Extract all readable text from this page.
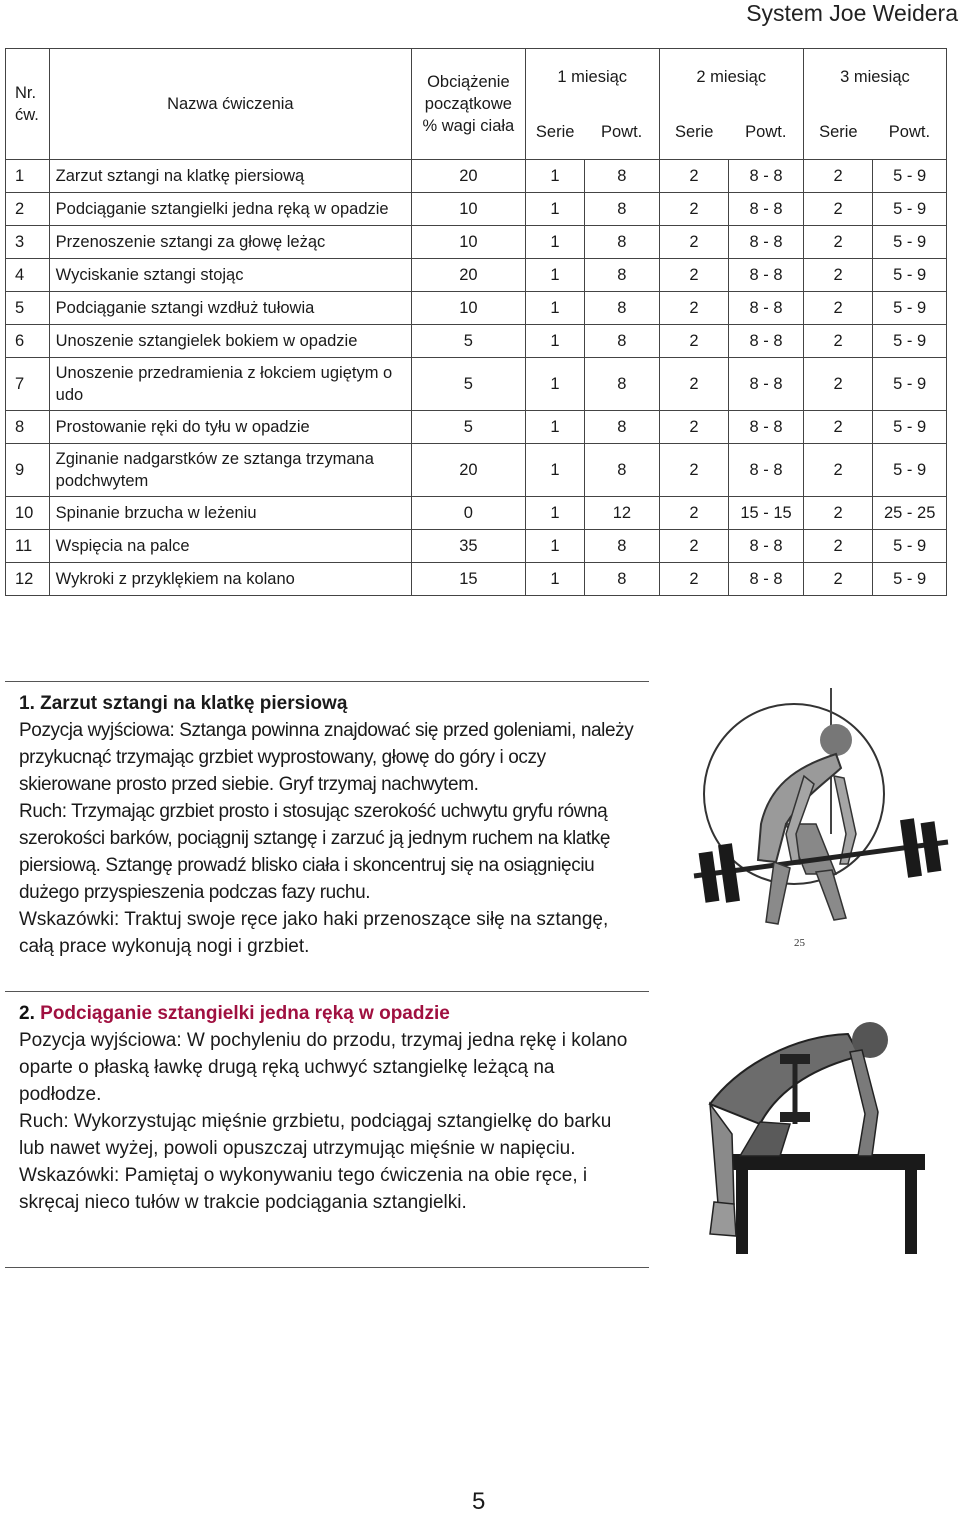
System Joe Weidera
Nr.
ćw.	Nazwa ćwiczenia	Obciążenie
początkowe
% wagi ciała	1 miesiąc		2 miesiąc		3 miesiąc	
			Serie	Powt.	Serie	Powt.	Serie	Powt.
1	Zarzut sztangi na klatkę piersiową	20	1	8	2	8 - 8	2	5 - 9
2	Podciąganie sztangielki jedna ręką w opadzie	10	1	8	2	8 - 8	2	5 - 9
3	Przenoszenie sztangi za głowę leżąc	10	1	8	2	8 - 8	2	5 - 9
4	Wyciskanie sztangi stojąc	20	1	8	2	8 - 8	2	5 - 9
5	Podciąganie sztangi wzdłuż tułowia	10	1	8	2	8 - 8	2	5 - 9
6	Unoszenie sztangielek bokiem w opadzie	5	1	8	2	8 - 8	2	5 - 9
7	Unoszenie przedramienia z łokciem ugiętym o udo	5	1	8	2	8 - 8	2	5 - 9
8	Prostowanie ręki do tyłu w opadzie	5	1	8	2	8 - 8	2	5 - 9
9	Zginanie nadgarstków ze sztanga trzymana podchwytem	20	1	8	2	8 - 8	2	5 - 9
10	Spinanie brzucha w leżeniu	0	1	12	2	15 - 15	2	25 - 25
11	Wspięcia na palce	35	1	8	2	8 - 8	2	5 - 9
12	Wykroki z przyklękiem na kolano	15	1	8	2	8 - 8	2	5 - 9
1. Zarzut sztangi na klatkę piersiową

Pozycja wyjściowa: Sztanga powinna znajdować się przed goleniami, należy przykucnąć trzymając grzbiet wyprostowany, głowę do góry i oczy skierowane prosto przed siebie. Gryf trzymaj nachwytem.

Ruch: Trzymając grzbiet prosto i stosując szerokość uchwytu gryfu równą szerokości barków, pociągnij sztangę i zarzuć ją jednym ruchem na klatkę piersiową. Sztangę prowadź blisko ciała i skoncentruj się na osiągnięciu dużego przyspieszenia podczas fazy ruchu.

Wskazówki: Traktuj swoje ręce jako haki przenoszące siłę na sztangę, całą prace wykonują nogi i grzbiet.

2. Podciąganie sztangielki jedna ręką w opadzie

Pozycja wyjściowa: W pochyleniu do przodu, trzymaj jedna rękę i kolano oparte o płaską ławkę drugą ręką uchwyć sztangielkę leżącą na podłodze.

Ruch: Wykorzystując mięśnie grzbietu, podciągaj sztangielkę do barku lub nawet wyżej, powoli opuszczaj utrzymując mięśnie w napięciu.

Wskazówki: Pamiętaj o wykonywaniu tego ćwiczenia na obie ręce, i skręcaj nieco tułów w trakcie podciągania sztangielki.

25
5
